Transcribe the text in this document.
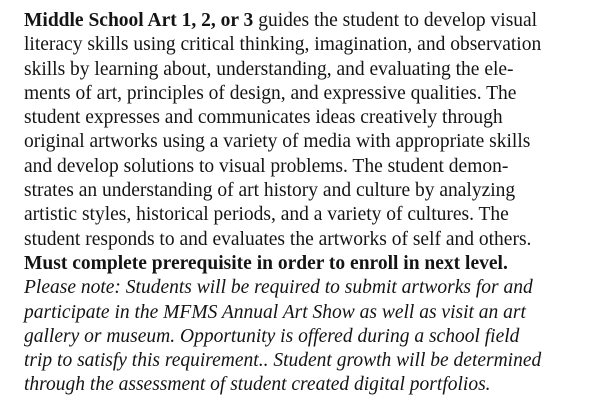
Middle School Art 1, 2, or 3 guides the student to develop visual
literacy skills using critical thinking, imagination, and observation
skills by learning about, understanding, and evaluating the ele-
ments of art, principles of design, and expressive qualities. The
student expresses and communicates ideas creatively through
original artworks using a variety of media with appropriate skills
and develop solutions to visual problems. The student demon-
strates an understanding of art history and culture by analyzing
artistic styles, historical periods, and a variety of cultures. The
student responds to and evaluates the artworks of self and others.
Must complete prerequisite in order to enroll in next level.
Please note: Students will be required to submit artworks for and
participate in the MFMS Annual Art Show as well as visit an art
gallery or museum. Opportunity is offered during a school field
trip to satisfy this requirement.. Student growth will be determined
through the assessment of student created digital portfolios.
